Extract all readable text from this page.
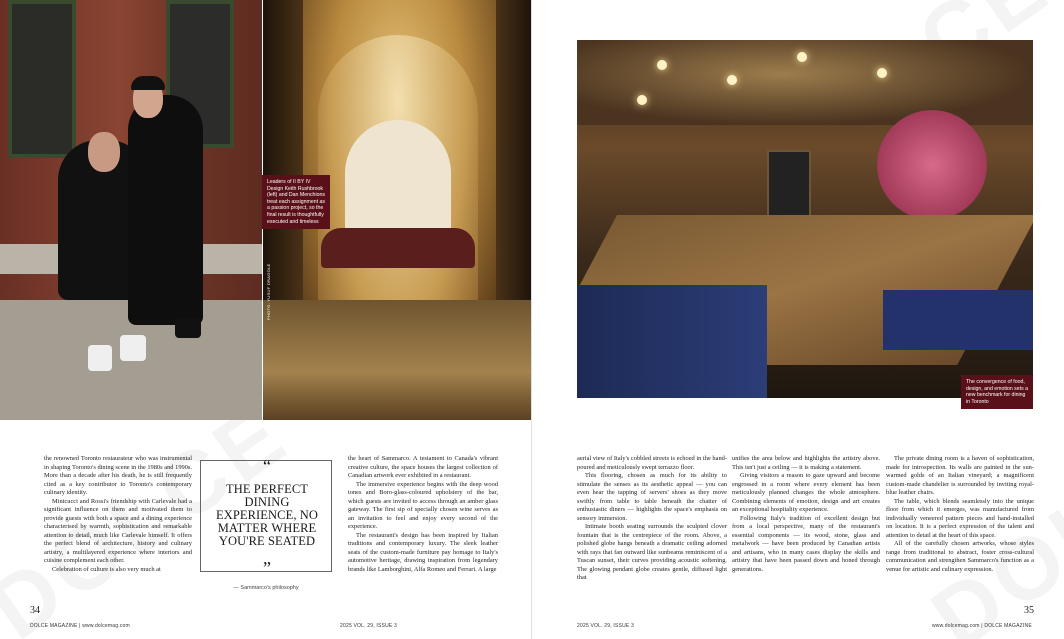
PHOTO: YUSUF DRAGOLE
Leaders of II BY IV Design Keith Rushbrook (left) and Dan Menchions treat each assignment as a passion project, so the final result is thoughtfully executed and timeless

the renowned Toronto restaurateur who was instrumental in shaping Toronto's dining scene in the 1980s and 1990s. More than a decade after his death, he is still frequently cited as a key contributor to Toronto's contemporary culinary identity.

Minicucci and Rossi's friendship with Carlevale had a significant influence on them and motivated them to provide guests with both a space and a dining experience characterised by warmth, sophistication and remarkable attention to detail, much like Carlevale himself. It offers the perfect blend of architecture, history and culinary artistry, a multilayered experience where interiors and cuisine complement each other.

Celebration of culture is also very much at

“
THE PERFECT DINING EXPERIENCE, NO MATTER WHERE YOU'RE SEATED
”
— Sammarco's philosophy

the heart of Sammarco. A testament to Canada's vibrant creative culture, the space houses the largest collection of Canadian artwork ever exhibited in a restaurant.

The immersive experience begins with the deep wood tones and Boro-glass-coloured upholstery of the bar, which guests are invited to access through an amber glass gateway. The first sip of specially chosen wine serves as an invitation to feel and enjoy every second of the experience.

The restaurant's design has been inspired by Italian traditions and contemporary luxury. The sleek leather seats of the custom-made furniture pay homage to Italy's automotive heritage, drawing inspiration from legendary brands like Lamborghini, Alfa Romeo and Ferrari. A large

34
DOLCE MAGAZINE | www.dolcemag.com	2025 VOL. 29, ISSUE 3
The convergence of food, design, and emotion sets a new benchmark for dining in Toronto

aerial view of Italy's cobbled streets is echoed in the hand-poured and meticulously swept terrazzo floor.

This flooring, chosen as much for its ability to stimulate the senses as its aesthetic appeal — you can even hear the tapping of servers' shoes as they move swiftly from table to table beneath the chatter of enthusiastic diners — highlights the space's emphasis on sensory immersion.

Intimate booth seating surrounds the sculpted clover fountain that is the centrepiece of the room. Above, a polished globe hangs beneath a dramatic ceiling adorned with rays that fan outward like sunbeams reminiscent of a Tuscan sunset, their curves providing acoustic softening. The glowing pendant globe creates gentle, diffused light that

unifies the area below and highlights the artistry above. This isn't just a ceiling — it is making a statement.

Giving visitors a reason to gaze upward and become engrossed in a room where every element has been meticulously planned changes the whole atmosphere. Combining elements of emotion, design and art creates an exceptional hospitality experience.

Following Italy's tradition of excellent design but from a local perspective, many of the restaurant's essential components — its wood, stone, glass and metalwork — have been produced by Canadian artists and artisans, who in many cases display the skills and artistry that have been passed down and honed through generations.

The private dining room is a haven of sophistication, made for introspection. Its walls are painted in the sun-warmed golds of an Italian vineyard; a magnificent custom-made chandelier is surrounded by inviting royal-blue leather chairs.

The table, which blends seamlessly into the unique floor from which it emerges, was manufactured from individually veneered pattern pieces and hand-installed on location. It is a perfect expression of the talent and attention to detail at the heart of this space.

All of the carefully chosen artworks, whose styles range from traditional to abstract, foster cross-cultural communication and strengthen Sammarco's function as a venue for artistic and culinary expression.

35
2025 VOL. 29, ISSUE 3	www.dolcemag.com | DOLCE MAGAZINE
